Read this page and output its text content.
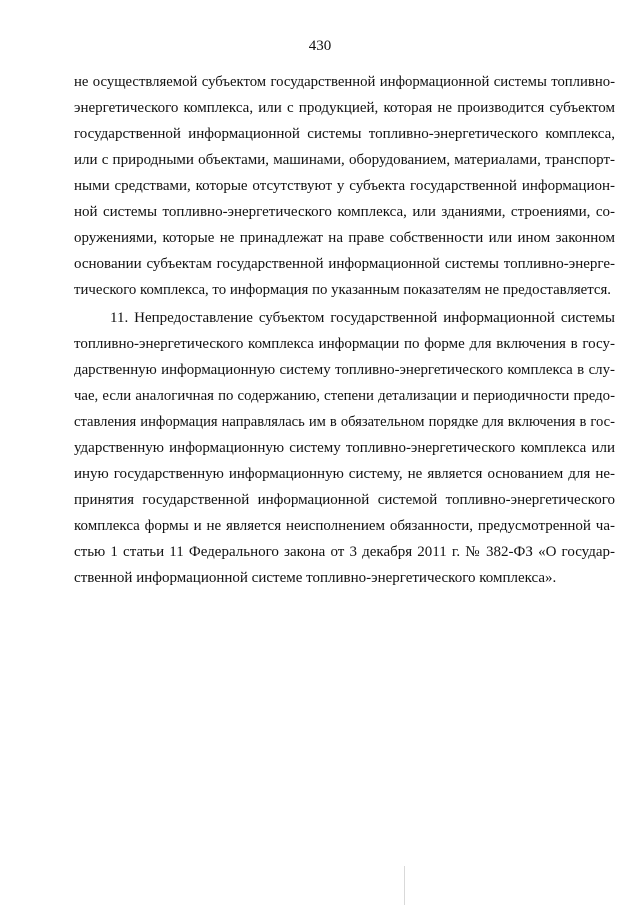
430
не осуществляемой субъектом государственной информационной системы топливно-
энергетического комплекса, или с продукцией, которая не производится субъектом
государственной информационной системы топливно-энергетического комплекса,
или с природными объектами, машинами, оборудованием, материалами, транспорт-
ными средствами, которые отсутствуют у субъекта государственной информацион-
ной системы топливно-энергетического комплекса, или зданиями, строениями, со-
оружениями, которые не принадлежат на праве собственности или ином законном
основании субъектам государственной информационной системы топливно-энерге-
тического комплекса, то информация по указанным показателям не предоставляется.
11. Непредоставление субъектом государственной информационной системы
топливно-энергетического комплекса информации по форме для включения в госу-
дарственную информационную систему топливно-энергетического комплекса в слу-
чае, если аналогичная по содержанию, степени детализации и периодичности предо-
ставления информация направлялась им в обязательном порядке для включения в гос-
ударственную информационную систему топливно-энергетического комплекса или
иную государственную информационную систему, не является основанием для не-
принятия государственной информационной системой топливно-энергетического
комплекса формы и не является неисполнением обязанности, предусмотренной ча-
стью 1 статьи 11 Федерального закона от 3 декабря 2011 г. № 382-ФЗ «О государ-
ственной информационной системе топливно-энергетического комплекса».
